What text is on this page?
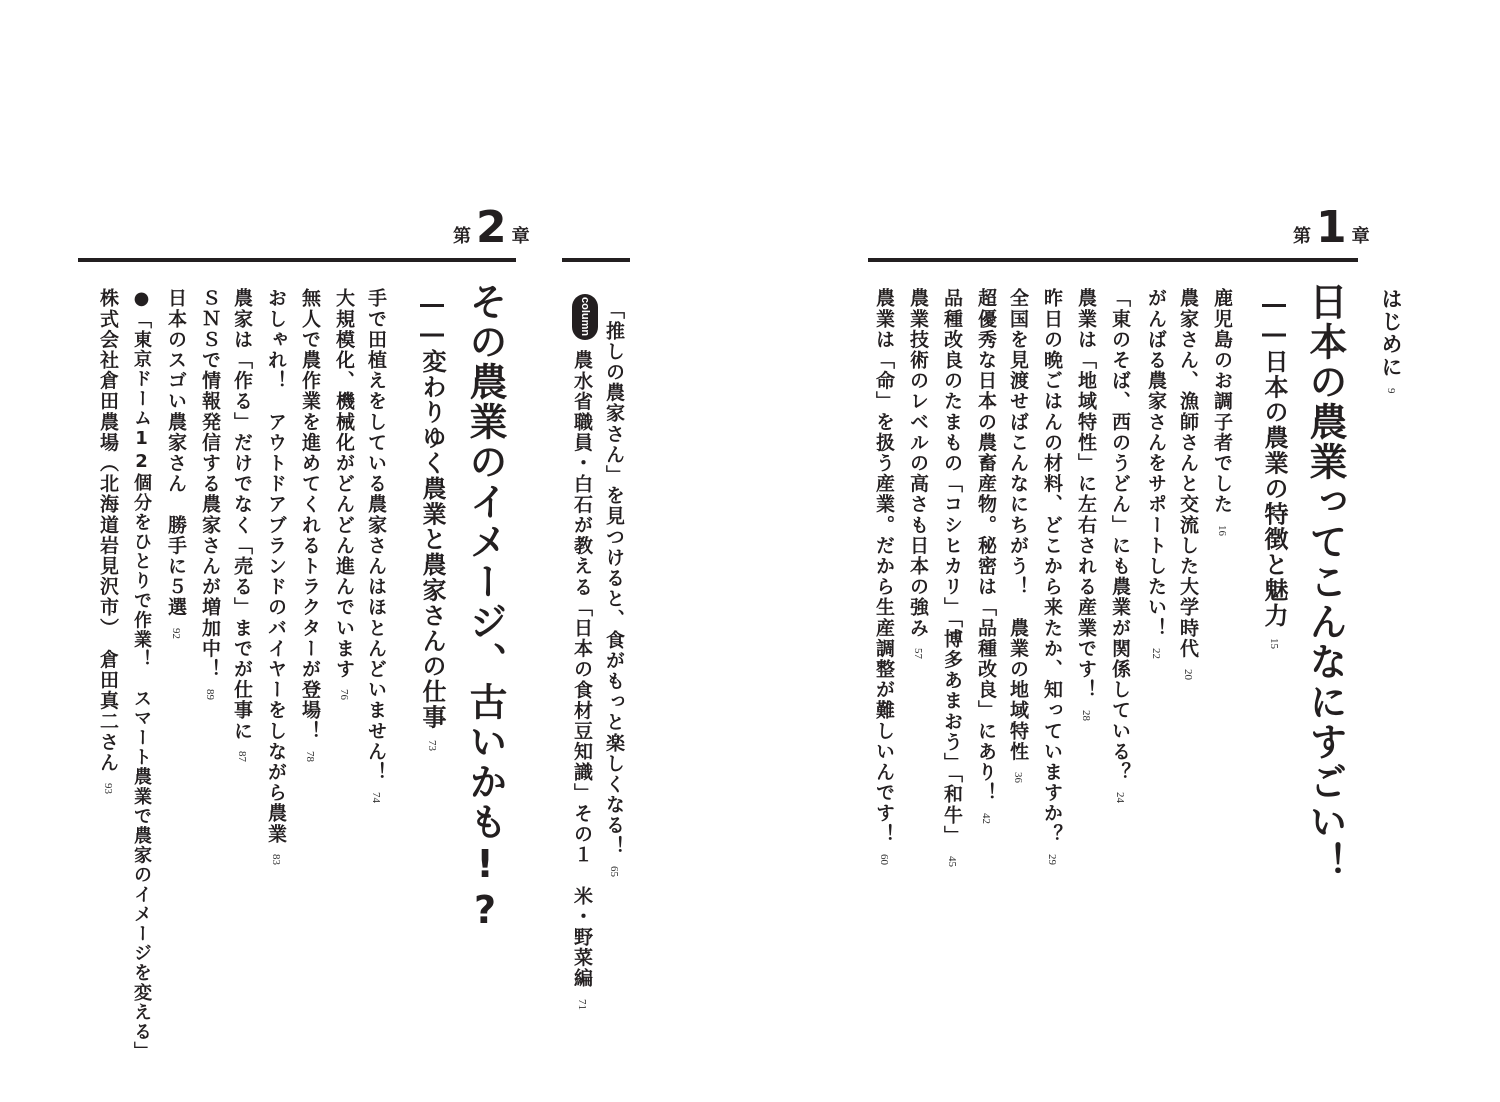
第 1 章
はじめに9
日本の農業ってこんなにすごい！
――日本の農業の特徴と魅力15
鹿児島のお調子者でした16
農家さん、漁師さんと交流した大学時代20
がんばる農家さんをサポートしたい！22
「東のそば、西のうどん」にも農業が関係している？24
農業は「地域特性」に左右される産業です！28
昨日の晩ごはんの材料、どこから来たか、知っていますか？29
全国を見渡せばこんなにちがう！　農業の地域特性36
超優秀な日本の農畜産物。秘密は「品種改良」にあり！42
品種改良のたまもの「コシヒカリ」「博多あまおう」「和牛」45
農業技術のレベルの高さも日本の強み57
農業は「命」を扱う産業。だから生産調整が難しいんです！60
「推しの農家さん」を見つけると、食がもっと楽しくなる！65
column
農水省職員・白石が教える「日本の食材豆知識」その１　米・野菜編71
第 2 章
その農業のイメージ、古いかも!?
――変わりゆく農業と農家さんの仕事73
手で田植えをしている農家さんはほとんどいません！74
大規模化、機械化がどんどん進んでいます76
無人で農作業を進めてくれるトラクターが登場！78
おしゃれ！　アウトドアブランドのバイヤーをしながら農業83
農家は「作る」だけでなく「売る」までが仕事に87
ＳＮＳで情報発信する農家さんが増加中！89
日本のスゴい農家さん　勝手に５選92
●「東京ドーム12個分をひとりで作業！　スマート農業で農家のイメージを変える」
株式会社倉田農場（北海道岩見沢市）　倉田真二さん93
